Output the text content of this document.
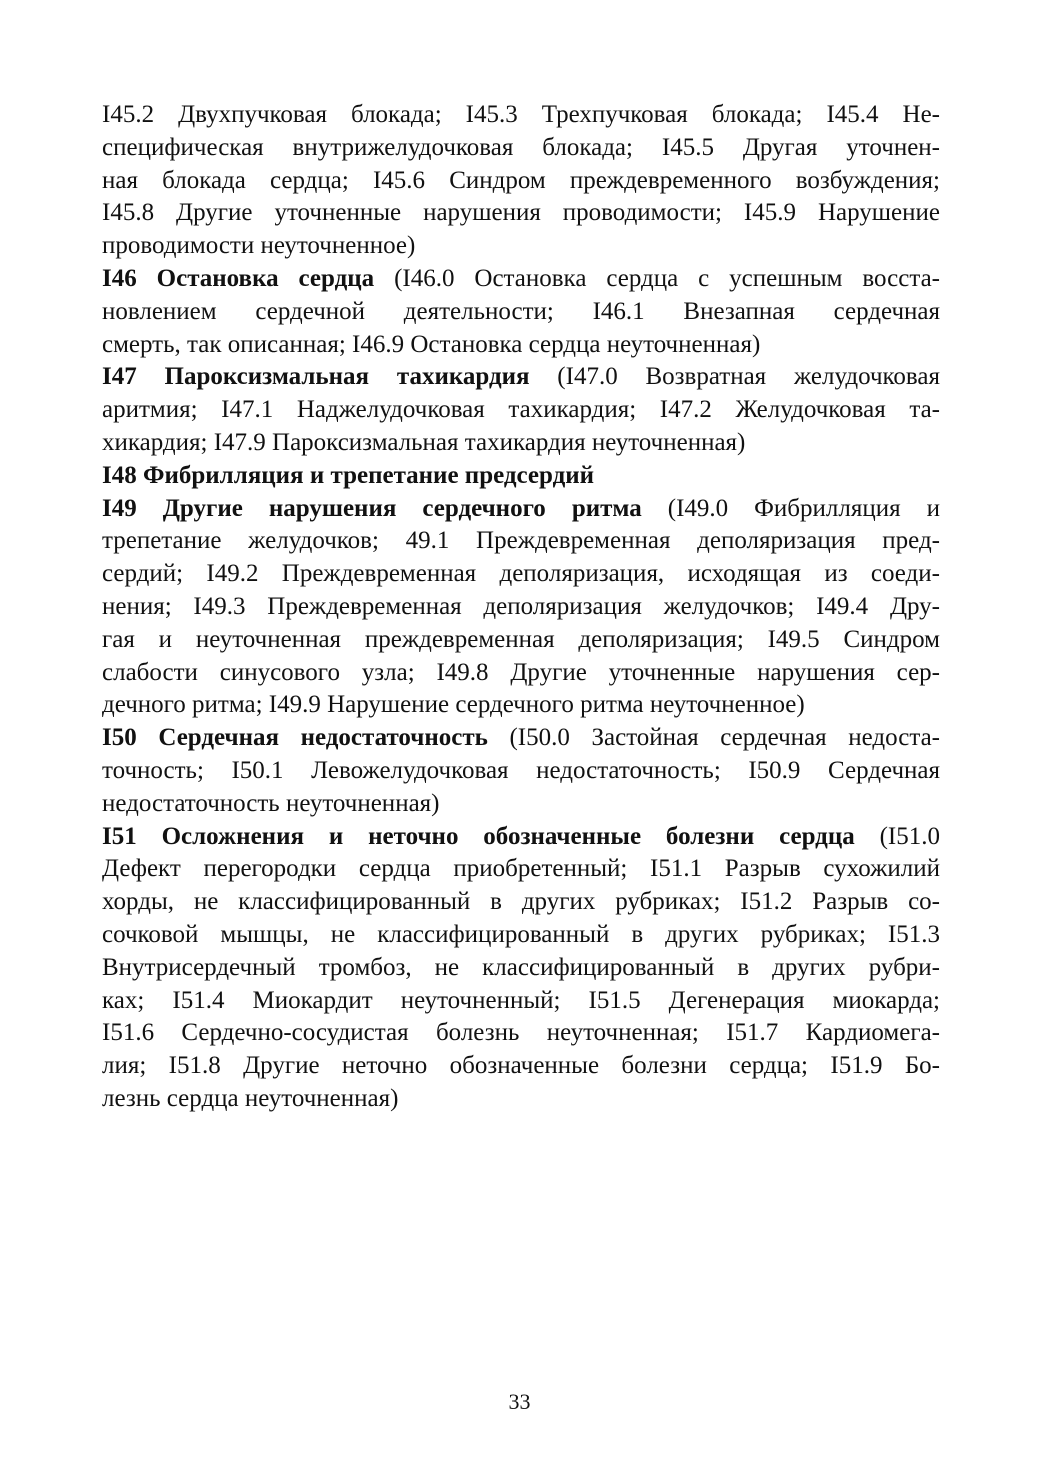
I45.2 Двухпучковая блокада; I45.3 Трехпучковая блокада; I45.4 Не-
специфическая внутрижелудочковая блокада; I45.5 Другая уточнен-
ная блокада сердца; I45.6 Синдром преждевременного возбуждения;
I45.8 Другие уточненные нарушения проводимости; I45.9 Нарушение
проводимости неуточненное)
I46 Остановка сердца (I46.0 Остановка сердца с успешным восста-
новлением сердечной деятельности; I46.1 Внезапная сердечная
смерть, так описанная; I46.9 Остановка сердца неуточненная)
I47 Пароксизмальная тахикардия (I47.0 Возвратная желудочковая
аритмия; I47.1 Наджелудочковая тахикардия; I47.2 Желудочковая та-
хикардия; I47.9 Пароксизмальная тахикардия неуточненная)
I48 Фибрилляция и трепетание предсердий
I49 Другие нарушения сердечного ритма (I49.0 Фибрилляция и
трепетание желудочков; 49.1 Преждевременная деполяризация пред-
сердий; I49.2 Преждевременная деполяризация, исходящая из соеди-
нения; I49.3 Преждевременная деполяризация желудочков; I49.4 Дру-
гая и неуточненная преждевременная деполяризация; I49.5 Синдром
слабости синусового узла; I49.8 Другие уточненные нарушения сер-
дечного ритма; I49.9 Нарушение сердечного ритма неуточненное)
I50 Сердечная недостаточность (I50.0 Застойная сердечная недоста-
точность; I50.1 Левожелудочковая недостаточность; I50.9 Сердечная
недостаточность неуточненная)
I51 Осложнения и неточно обозначенные болезни сердца (I51.0
Дефект перегородки сердца приобретенный; I51.1 Разрыв сухожилий
хорды, не классифицированный в других рубриках; I51.2 Разрыв со-
сочковой мышцы, не классифицированный в других рубриках; I51.3
Внутрисердечный тромбоз, не классифицированный в других рубри-
ках; I51.4 Миокардит неуточненный; I51.5 Дегенерация миокарда;
I51.6 Сердечно-сосудистая болезнь неуточненная; I51.7 Кардиомега-
лия; I51.8 Другие неточно обозначенные болезни сердца; I51.9 Бо-
лезнь сердца неуточненная)
33
